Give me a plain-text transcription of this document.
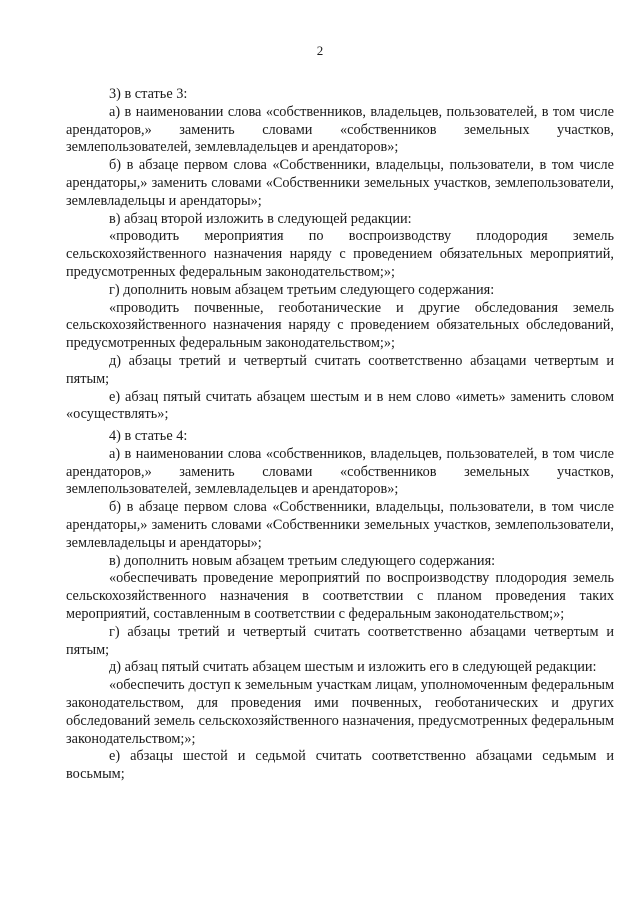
2

3) в статье 3:

а) в наименовании слова «собственников, владельцев, пользователей, в том числе арендаторов,» заменить словами «собственников земельных участков, землепользователей, землевладельцев и арендаторов»;

б) в абзаце первом слова «Собственники, владельцы, пользователи, в том числе арендаторы,» заменить словами «Собственники земельных участков, землепользователи, землевладельцы и арендаторы»;

в) абзац второй изложить в следующей редакции:

«проводить мероприятия по воспроизводству плодородия земель сельскохозяйственного назначения наряду с проведением обязательных мероприятий, предусмотренных федеральным законодательством;»;

г) дополнить новым абзацем третьим следующего содержания:

«проводить почвенные, геоботанические и другие обследования земель сельскохозяйственного назначения наряду с проведением обязательных обследований, предусмотренных федеральным законодательством;»;

д) абзацы третий и четвертый считать соответственно абзацами четвертым и пятым;

е) абзац пятый считать абзацем шестым и в нем слово «иметь» заменить словом «осуществлять»;

4) в статье 4:

а) в наименовании слова «собственников, владельцев, пользователей, в том числе арендаторов,» заменить словами «собственников земельных участков, землепользователей, землевладельцев и арендаторов»;

б) в абзаце первом слова «Собственники, владельцы, пользователи, в том числе арендаторы,» заменить словами «Собственники земельных участков, землепользователи, землевладельцы и арендаторы»;

в) дополнить новым абзацем третьим следующего содержания:

«обеспечивать проведение мероприятий по воспроизводству плодородия земель сельскохозяйственного назначения в соответствии с планом проведения таких мероприятий, составленным в соответствии с федеральным законодательством;»;

г) абзацы третий и четвертый считать соответственно абзацами четвертым и пятым;

д) абзац пятый считать абзацем шестым и изложить его в следующей редакции:

«обеспечить доступ к земельным участкам лицам, уполномоченным федеральным законодательством, для проведения ими почвенных, геоботанических и других обследований земель сельскохозяйственного назначения, предусмотренных федеральным законодательством;»;

е) абзацы шестой и седьмой считать соответственно абзацами седьмым и восьмым;
